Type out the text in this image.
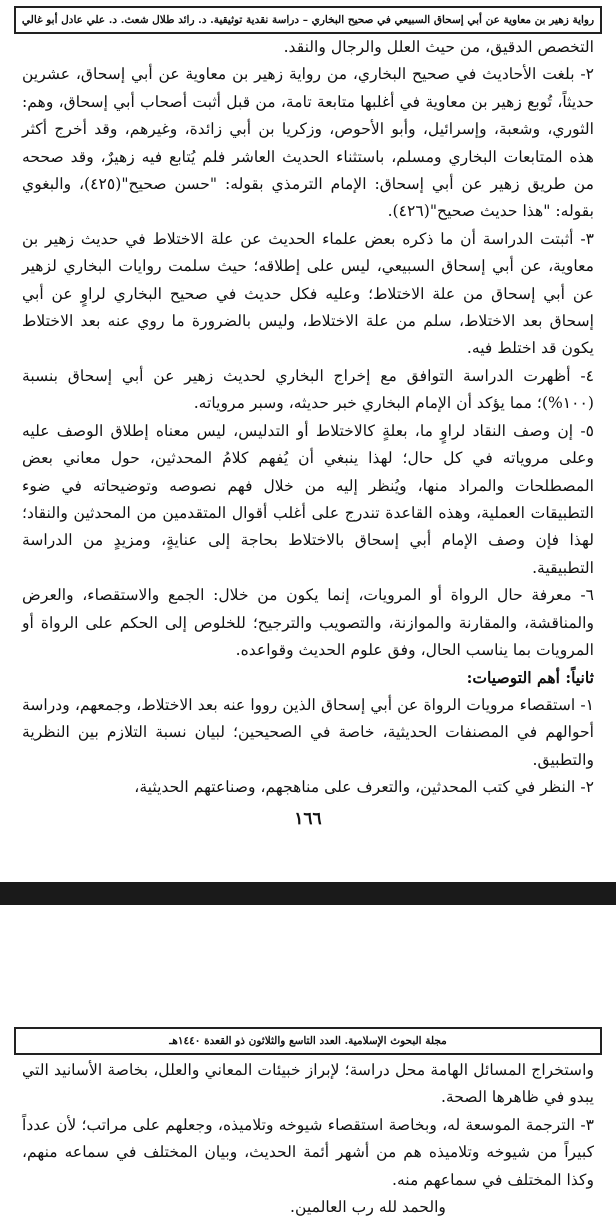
رواية زهير بن معاوية عن أبي إسحاق السبيعي في صحيح البخاري – دراسة نقدية توثيقية. د. رائد طلال شعث. د. علي عادل أبو غالي

التخصص الدقيق، من حيث العلل والرجال والنقد.

٢- بلغت الأحاديث في صحيح البخاري، من رواية زهير بن معاوية عن أبي إسحاق، عشرين حديثاً، تُوبع زهير بن معاوية في أغلبها متابعة تامة، من قبل أثبت أصحاب أبي إسحاق، وهم: الثوري، وشعبة، وإسرائيل، وأبو الأحوص، وزكريا بن أبي زائدة، وغيرهم، وقد أخرج أكثر هذه المتابعات البخاري ومسلم، باستثناء الحديث العاشر فلم يُتابع فيه زهيرٌ، وقد صححه من طريق زهير عن أبي إسحاق: الإمام الترمذي بقوله: "حسن صحيح"(٤٢٥)، والبغوي بقوله: "هذا حديث صحيح"(٤٢٦).

٣- أثبتت الدراسة أن ما ذكره بعض علماء الحديث عن علة الاختلاط في حديث زهير بن معاوية، عن أبي إسحاق السبيعي، ليس على إطلاقه؛ حيث سلمت روايات البخاري لزهير عن أبي إسحاق من علة الاختلاط؛ وعليه فكل حديث في صحيح البخاري لراوٍ عن أبي إسحاق بعد الاختلاط، سلم من علة الاختلاط، وليس بالضرورة ما روي عنه بعد الاختلاط يكون قد اختلط فيه.

٤- أظهرت الدراسة التوافق مع إخراج البخاري لحديث زهير عن أبي إسحاق بنسبة (١٠٠%)؛ مما يؤكد أن الإمام البخاري خبر حديثه، وسبر مروياته.

٥- إن وصف النقاد لراوٍ ما، بعلةٍ كالاختلاط أو التدليس، ليس معناه إطلاق الوصف عليه وعلى مروياته في كل حال؛ لهذا ينبغي أن يُفهم كلامُ المحدثين، حول معاني بعض المصطلحات والمراد منها، ويُنظر إليه من خلال فهم نصوصه وتوضيحاته في ضوء التطبيقات العملية، وهذه القاعدة تندرج على أغلب أقوال المتقدمين من المحدثين والنقاد؛ لهذا فإن وصف الإمام أبي إسحاق بالاختلاط بحاجة إلى عنايةٍ، ومزيدٍ من الدراسة التطبيقية.

٦- معرفة حال الرواة أو المرويات، إنما يكون من خلال: الجمع والاستقصاء، والعرض والمناقشة، والمقارنة والموازنة، والتصويب والترجيح؛ للخلوص إلى الحكم على الرواة أو المرويات بما يناسب الحال، وفق علوم الحديث وقواعده.

ثانياً: أهم التوصيات:

١- استقصاء مرويات الرواة عن أبي إسحاق الذين رووا عنه بعد الاختلاط، وجمعهم، ودراسة أحوالهم في المصنفات الحديثية، خاصة في الصحيحين؛ لبيان نسبة التلازم بين النظرية والتطبيق.

٢- النظر في كتب المحدثين، والتعرف على مناهجهم، وصناعتهم الحديثية،

١٦٦
مجلة البحوث الإسلامية. العدد التاسع والثلاثون ذو القعدة ١٤٤٠هـ

واستخراج المسائل الهامة محل دراسة؛ لإبراز خبيئات المعاني والعلل، بخاصة الأسانيد التي يبدو في ظاهرها الصحة.

٣- الترجمة الموسعة له، وبخاصة استقصاء شيوخه وتلاميذه، وجعلهم على مراتب؛ لأن عدداً كبيراً من شيوخه وتلاميذه هم من أشهر أئمة الحديث، وبيان المختلف في سماعه منهم، وكذا المختلف في سماعهم منه.

والحمد لله رب العالمين.
